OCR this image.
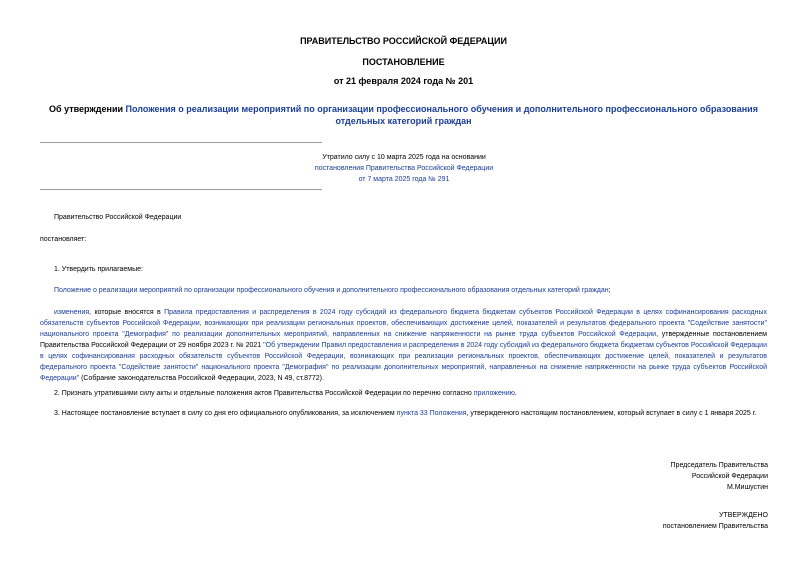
ПРАВИТЕЛЬСТВО РОССИЙСКОЙ ФЕДЕРАЦИИ
ПОСТАНОВЛЕНИЕ
от 21 февраля 2024 года № 201
Об утверждении Положения о реализации мероприятий по организации профессионального обучения и дополнительного профессионального образования отдельных категорий граждан
Утратило силу с 10 марта 2025 года на основании
постановления Правительства Российской Федерации
от 7 марта 2025 года № 291
Правительство Российской Федерации
постановляет:
1. Утвердить прилагаемые:
Положение о реализации мероприятий по организации профессионального обучения и дополнительного профессионального образования отдельных категорий граждан;
изменения, которые вносятся в Правила предоставления и распределения в 2024 году субсидий из федерального бюджета бюджетам субъектов Российской Федерации в целях софинансирования расходных обязательств субъектов Российской Федерации, возникающих при реализации региональных проектов, обеспечивающих достижение целей, показателей и результатов федерального проекта "Содействие занятости" национального проекта "Демография" по реализации дополнительных мероприятий, направленных на снижение напряженности на рынке труда субъектов Российской Федерации, утвержденные постановлением Правительства Российской Федерации от 29 ноября 2023 г. № 2021 "Об утверждении Правил предоставления и распределения в 2024 году субсидий из федерального бюджета бюджетам субъектов Российской Федерации в целях софинансирования расходных обязательств субъектов Российской Федерации, возникающих при реализации региональных проектов, обеспечивающих достижение целей, показателей и результатов федерального проекта "Содействие занятости" национального проекта "Демография" по реализации дополнительных мероприятий, направленных на снижение напряженности на рынке труда субъектов Российской Федерации" (Собрание законодательства Российской Федерации, 2023, N 49, ст.8772).
2. Признать утратившими силу акты и отдельные положения актов Правительства Российской Федерации по перечню согласно приложению.
3. Настоящее постановление вступает в силу со дня его официального опубликования, за исключением пункта 33 Положения, утвержденного настоящим постановлением, который вступает в силу с 1 января 2025 г.
Председатель Правительства
Российской Федерации
М.Мишустин
УТВЕРЖДЕНО
постановлением Правительства
